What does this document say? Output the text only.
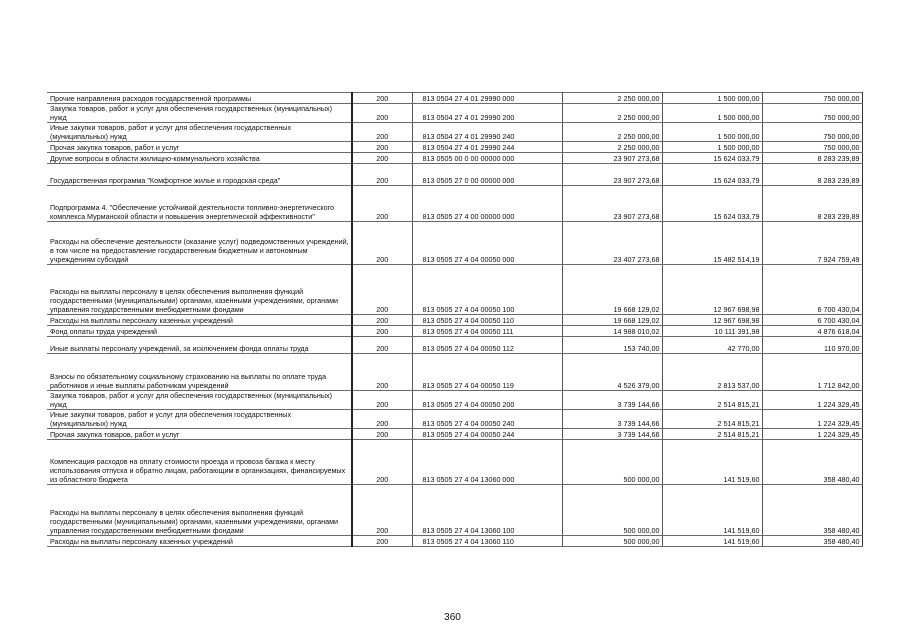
Прочие направления расходов государственной программы	200	813 0504 27 4 01 29990 000	2 250 000,00	1 500 000,00	750 000,00
Закупка товаров, работ и услуг для обеспечения государственных (муниципальных) нужд	200	813 0504 27 4 01 29990 200	2 250 000,00	1 500 000,00	750 000,00
Иные закупки товаров, работ и услуг для обеспечения государственных (муниципальных) нужд	200	813 0504 27 4 01 29990 240	2 250 000,00	1 500 000,00	750 000,00
Прочая закупка товаров, работ и услуг	200	813 0504 27 4 01 29990 244	2 250 000,00	1 500 000,00	750 000,00
Другие вопросы в области жилищно-коммунального хозяйства	200	813 0505 00 0 00 00000 000	23 907 273,68	15 624 033,79	8 283 239,89
Государственная программа "Комфортное жилье и городская среда"	200	813 0505 27 0 00 00000 000	23 907 273,68	15 624 033,79	8 283 239,89
Подпрограмма 4. "Обеспечение устойчивой деятельности топливно-энергетического комплекса Мурманской области и повышения энергетической эффективности"	200	813 0505 27 4 00 00000 000	23 907 273,68	15 624 033,79	8 283 239,89
Расходы на обеспечение деятельности (оказание услуг) подведомственных учреждений, в том числе на предоставление государственным бюджетным и автономным учреждениям субсидий	200	813 0505 27 4 04 00050 000	23 407 273,68	15 482 514,19	7 924 759,49
Расходы на выплаты персоналу в целях обеспечения выполнения функций государственными (муниципальными) органами, казенными учреждениями, органами управления государственными внебюджетными фондами	200	813 0505 27 4 04 00050 100	19 668 129,02	12 967 698,98	6 700 430,04
Расходы на выплаты персоналу казенных учреждений	200	813 0505 27 4 04 00050 110	19 668 129,02	12 967 698,98	6 700 430,04
Фонд оплаты труда учреждений	200	813 0505 27 4 04 00050 111	14 988 010,02	10 111 391,98	4 876 618,04
Иные выплаты персоналу учреждений, за исключением фонда оплаты труда	200	813 0505 27 4 04 00050 112	153 740,00	42 770,00	110 970,00
Взносы по обязательному социальному страхованию на выплаты по оплате труда работников и иные выплаты работникам учреждений	200	813 0505 27 4 04 00050 119	4 526 379,00	2 813 537,00	1 712 842,00
Закупка товаров, работ и услуг для обеспечения государственных (муниципальных) нужд	200	813 0505 27 4 04 00050 200	3 739 144,66	2 514 815,21	1 224 329,45
Иные закупки товаров, работ и услуг для обеспечения государственных (муниципальных) нужд	200	813 0505 27 4 04 00050 240	3 739 144,66	2 514 815,21	1 224 329,45
Прочая закупка товаров, работ и услуг	200	813 0505 27 4 04 00050 244	3 739 144,66	2 514 815,21	1 224 329,45
Компенсация расходов на оплату стоимости проезда и провоза багажа к месту использования отпуска и обратно лицам, работающим в организациях, финансируемых из областного бюджета	200	813 0505 27 4 04 13060 000	500 000,00	141 519,60	358 480,40
Расходы на выплаты персоналу в целях обеспечения выполнения функций государственными (муниципальными) органами, казенными учреждениями, органами управления государственными внебюджетными фондами	200	813 0505 27 4 04 13060 100	500 000,00	141 519,60	358 480,40
Расходы на выплаты персоналу казенных учреждений	200	813 0505 27 4 04 13060 110	500 000,00	141 519,60	358 480,40
360
